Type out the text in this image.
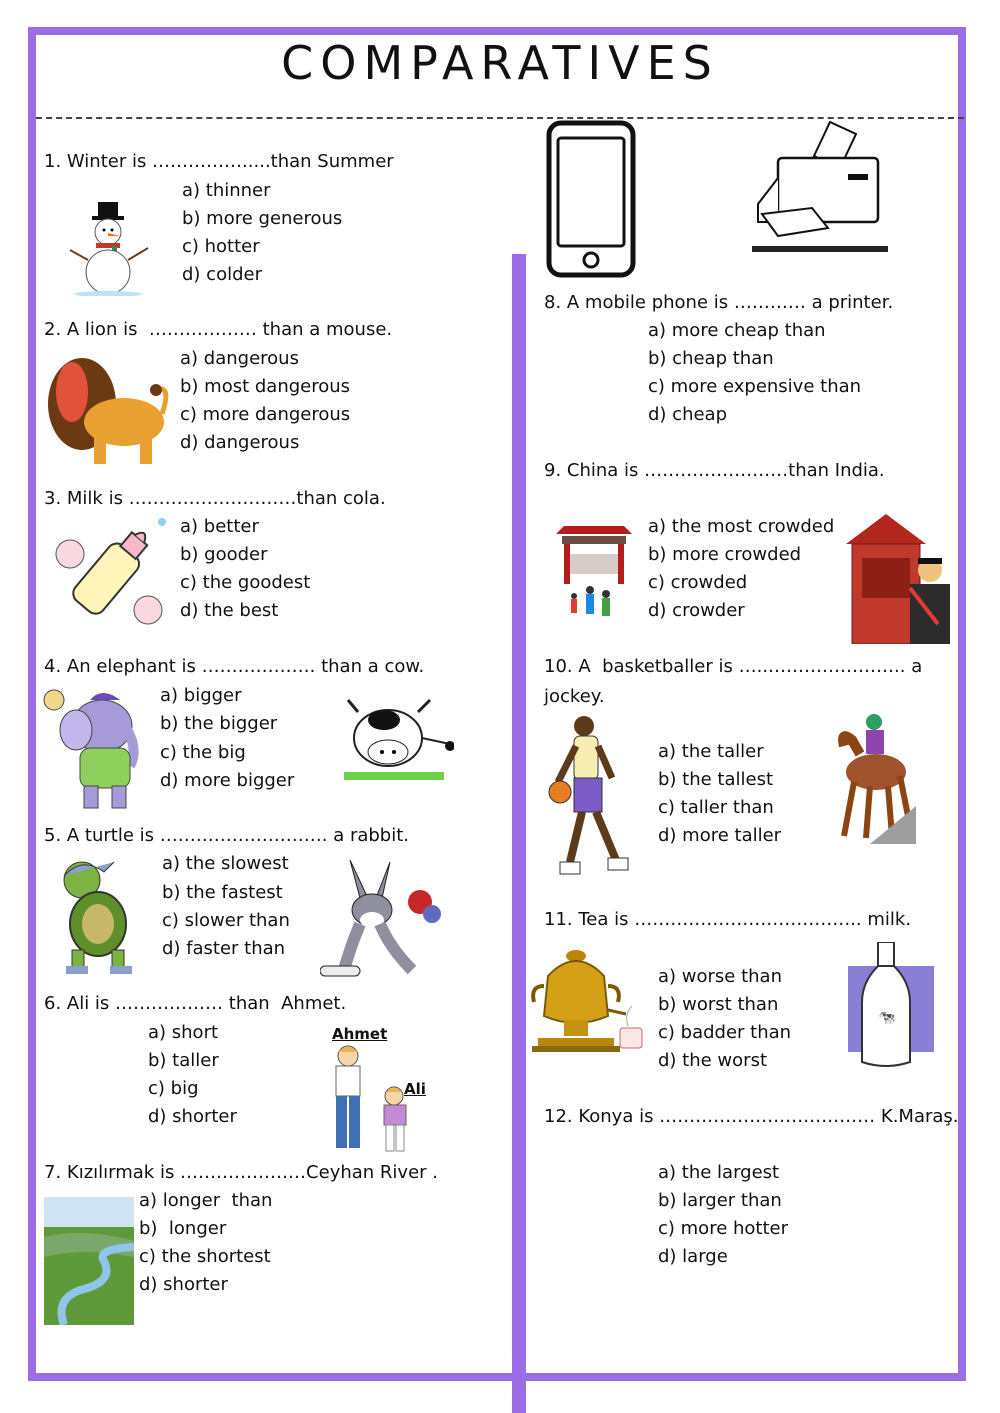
COMPARATIVES
1. Winter is …………….....than Summer
a) thinner
b) more generous
c) hotter
d) colder
2. A lion is  ……………… than a mouse.
a) dangerous
b) most dangerous
c) more dangerous
d) dangerous
3. Milk is …………….…………than cola.
a) better
b) gooder
c) the goodest
d) the best
4. An elephant is ………………. than a cow.
a) bigger
b) the bigger
c) the big
d) more bigger
5. A turtle is ………………………. a rabbit.
a) the slowest
b) the fastest
c) slower than
d) faster than
6. Ali is ……………… than  Ahmet.
a) short
b) taller
c) big
d) shorter
Ahmet
Ali
7. Kızılırmak is …………………Ceyhan River .
a) longer  than
b)  longer
c) the shortest
d) shorter
8. A mobile phone is ………… a printer.
a) more cheap than
b) cheap than
c) more expensive than
d) cheap
9. China is ……………………than India.
a) the most crowded
b) more crowded
c) crowded
d) crowder
10. A  basketballer is …..………………….. a
jockey.
a) the taller
b) the tallest
c) taller than
d) more taller
11. Tea is ……………………………….. milk.
a) worse than
b) worst than
c) badder than
d) the worst
🐄
12. Konya is ……………………………… K.Maraş.
a) the largest
b) larger than
c) more hotter
d) large
